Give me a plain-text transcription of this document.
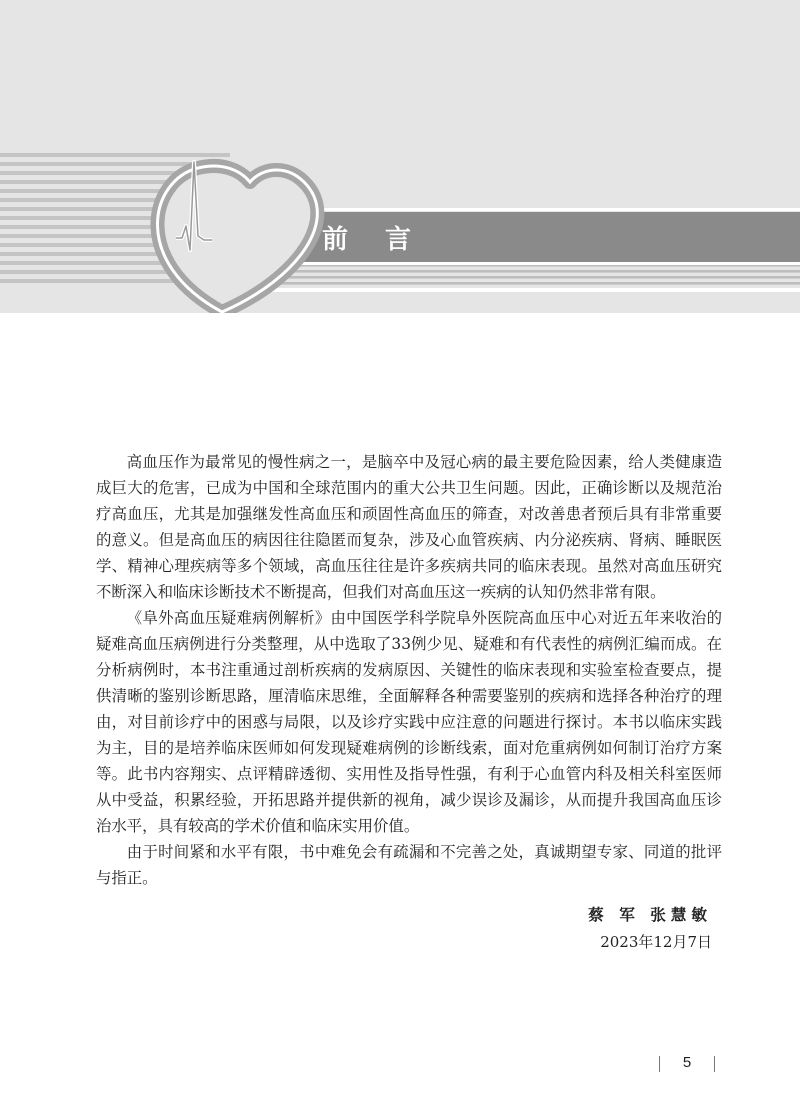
前 言

高血压作为最常见的慢性病之一，是脑卒中及冠心病的最主要危险因素，给人类健康造成巨大的危害，已成为中国和全球范围内的重大公共卫生问题。因此，正确诊断以及规范治疗高血压，尤其是加强继发性高血压和顽固性高血压的筛查，对改善患者预后具有非常重要的意义。但是高血压的病因往往隐匿而复杂，涉及心血管疾病、内分泌疾病、肾病、睡眠医学、精神心理疾病等多个领域，高血压往往是许多疾病共同的临床表现。虽然对高血压研究不断深入和临床诊断技术不断提高，但我们对高血压这一疾病的认知仍然非常有限。

《阜外高血压疑难病例解析》由中国医学科学院阜外医院高血压中心对近五年来收治的疑难高血压病例进行分类整理，从中选取了33例少见、疑难和有代表性的病例汇编而成。在分析病例时，本书注重通过剖析疾病的发病原因、关键性的临床表现和实验室检查要点，提供清晰的鉴别诊断思路，厘清临床思维，全面解释各种需要鉴别的疾病和选择各种治疗的理由，对目前诊疗中的困惑与局限，以及诊疗实践中应注意的问题进行探讨。本书以临床实践为主，目的是培养临床医师如何发现疑难病例的诊断线索，面对危重病例如何制订治疗方案等。此书内容翔实、点评精辟透彻、实用性及指导性强，有利于心血管内科及相关科室医师从中受益，积累经验，开拓思路并提供新的视角，减少误诊及漏诊，从而提升我国高血压诊治水平，具有较高的学术价值和临床实用价值。

由于时间紧和水平有限，书中难免会有疏漏和不完善之处，真诚期望专家、同道的批评与指正。

蔡 军 张慧敏
2023年12月7日
5
